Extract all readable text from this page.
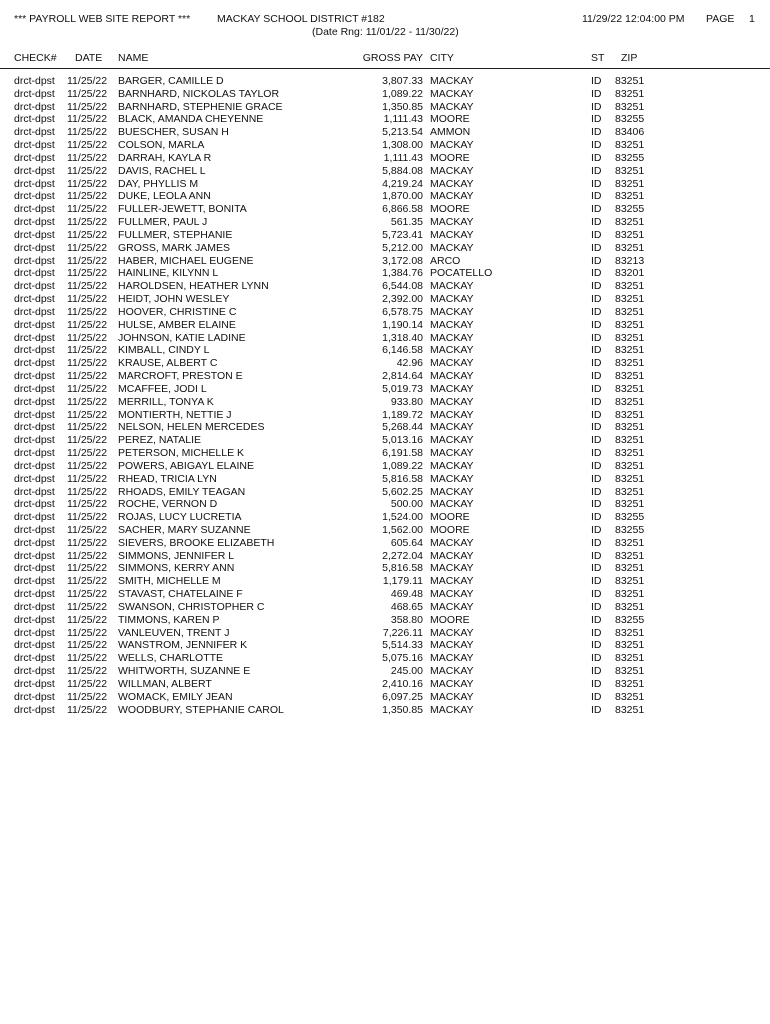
*** PAYROLL WEB SITE REPORT ***	MACKAY SCHOOL DISTRICT #182
(Date Rng: 11/01/22 - 11/30/22)
11/29/22 12:04:00 PM PAGE 1
CHECK# DATE NAME	GROSS PAY CITY	ST ZIP
drct-dpst 11/25/22 BARGER, CAMILLE D	3,807.33 MACKAY	ID 83251
drct-dpst 11/25/22 BARNHARD, NICKOLAS TAYLOR	1,089.22 MACKAY	ID 83251
drct-dpst 11/25/22 BARNHARD, STEPHENIE GRACE	1,350.85 MACKAY	ID 83251
drct-dpst 11/25/22 BLACK, AMANDA CHEYENNE	1,111.43 MOORE	ID 83255
drct-dpst 11/25/22 BUESCHER, SUSAN H	5,213.54 AMMON	ID 83406
drct-dpst 11/25/22 COLSON, MARLA	1,308.00 MACKAY	ID 83251
drct-dpst 11/25/22 DARRAH, KAYLA R	1,111.43 MOORE	ID 83255
drct-dpst 11/25/22 DAVIS, RACHEL L	5,884.08 MACKAY	ID 83251
drct-dpst 11/25/22 DAY, PHYLLIS M	4,219.24 MACKAY	ID 83251
drct-dpst 11/25/22 DUKE, LEOLA ANN	1,870.00 MACKAY	ID 83251
drct-dpst 11/25/22 FULLER-JEWETT, BONITA	6,866.58 MOORE	ID 83255
drct-dpst 11/25/22 FULLMER, PAUL J	561.35 MACKAY	ID 83251
drct-dpst 11/25/22 FULLMER, STEPHANIE	5,723.41 MACKAY	ID 83251
drct-dpst 11/25/22 GROSS, MARK JAMES	5,212.00 MACKAY	ID 83251
drct-dpst 11/25/22 HABER, MICHAEL EUGENE	3,172.08 ARCO	ID 83213
drct-dpst 11/25/22 HAINLINE, KILYNN L	1,384.76 POCATELLO	ID 83201
drct-dpst 11/25/22 HAROLDSEN, HEATHER LYNN	6,544.08 MACKAY	ID 83251
drct-dpst 11/25/22 HEIDT, JOHN WESLEY	2,392.00 MACKAY	ID 83251
drct-dpst 11/25/22 HOOVER, CHRISTINE C	6,578.75 MACKAY	ID 83251
drct-dpst 11/25/22 HULSE, AMBER ELAINE	1,190.14 MACKAY	ID 83251
drct-dpst 11/25/22 JOHNSON, KATIE LADINE	1,318.40 MACKAY	ID 83251
drct-dpst 11/25/22 KIMBALL, CINDY L	6,146.58 MACKAY	ID 83251
drct-dpst 11/25/22 KRAUSE, ALBERT C	42.96 MACKAY	ID 83251
drct-dpst 11/25/22 MARCROFT, PRESTON E	2,814.64 MACKAY	ID 83251
drct-dpst 11/25/22 MCAFFEE, JODI L	5,019.73 MACKAY	ID 83251
drct-dpst 11/25/22 MERRILL, TONYA K	933.80 MACKAY	ID 83251
drct-dpst 11/25/22 MONTIERTH, NETTIE J	1,189.72 MACKAY	ID 83251
drct-dpst 11/25/22 NELSON, HELEN MERCEDES	5,268.44 MACKAY	ID 83251
drct-dpst 11/25/22 PEREZ, NATALIE	5,013.16 MACKAY	ID 83251
drct-dpst 11/25/22 PETERSON, MICHELLE K	6,191.58 MACKAY	ID 83251
drct-dpst 11/25/22 POWERS, ABIGAYL ELAINE	1,089.22 MACKAY	ID 83251
drct-dpst 11/25/22 RHEAD, TRICIA LYN	5,816.58 MACKAY	ID 83251
drct-dpst 11/25/22 RHOADS, EMILY TEAGAN	5,602.25 MACKAY	ID 83251
drct-dpst 11/25/22 ROCHE, VERNON D	500.00 MACKAY	ID 83251
drct-dpst 11/25/22 ROJAS, LUCY LUCRETIA	1,524.00 MOORE	ID 83255
drct-dpst 11/25/22 SACHER, MARY SUZANNE	1,562.00 MOORE	ID 83255
drct-dpst 11/25/22 SIEVERS, BROOKE ELIZABETH	605.64 MACKAY	ID 83251
drct-dpst 11/25/22 SIMMONS, JENNIFER L	2,272.04 MACKAY	ID 83251
drct-dpst 11/25/22 SIMMONS, KERRY ANN	5,816.58 MACKAY	ID 83251
drct-dpst 11/25/22 SMITH, MICHELLE M	1,179.11 MACKAY	ID 83251
drct-dpst 11/25/22 STAVAST, CHATELAINE F	469.48 MACKAY	ID 83251
drct-dpst 11/25/22 SWANSON, CHRISTOPHER C	468.65 MACKAY	ID 83251
drct-dpst 11/25/22 TIMMONS, KAREN P	358.80 MOORE	ID 83255
drct-dpst 11/25/22 VANLEUVEN, TRENT J	7,226.11 MACKAY	ID 83251
drct-dpst 11/25/22 WANSTROM, JENNIFER K	5,514.33 MACKAY	ID 83251
drct-dpst 11/25/22 WELLS, CHARLOTTE	5,075.16 MACKAY	ID 83251
drct-dpst 11/25/22 WHITWORTH, SUZANNE E	245.00 MACKAY	ID 83251
drct-dpst 11/25/22 WILLMAN, ALBERT	2,410.16 MACKAY	ID 83251
drct-dpst 11/25/22 WOMACK, EMILY JEAN	6,097.25 MACKAY	ID 83251
drct-dpst 11/25/22 WOODBURY, STEPHANIE CAROL	1,350.85 MACKAY	ID 83251
